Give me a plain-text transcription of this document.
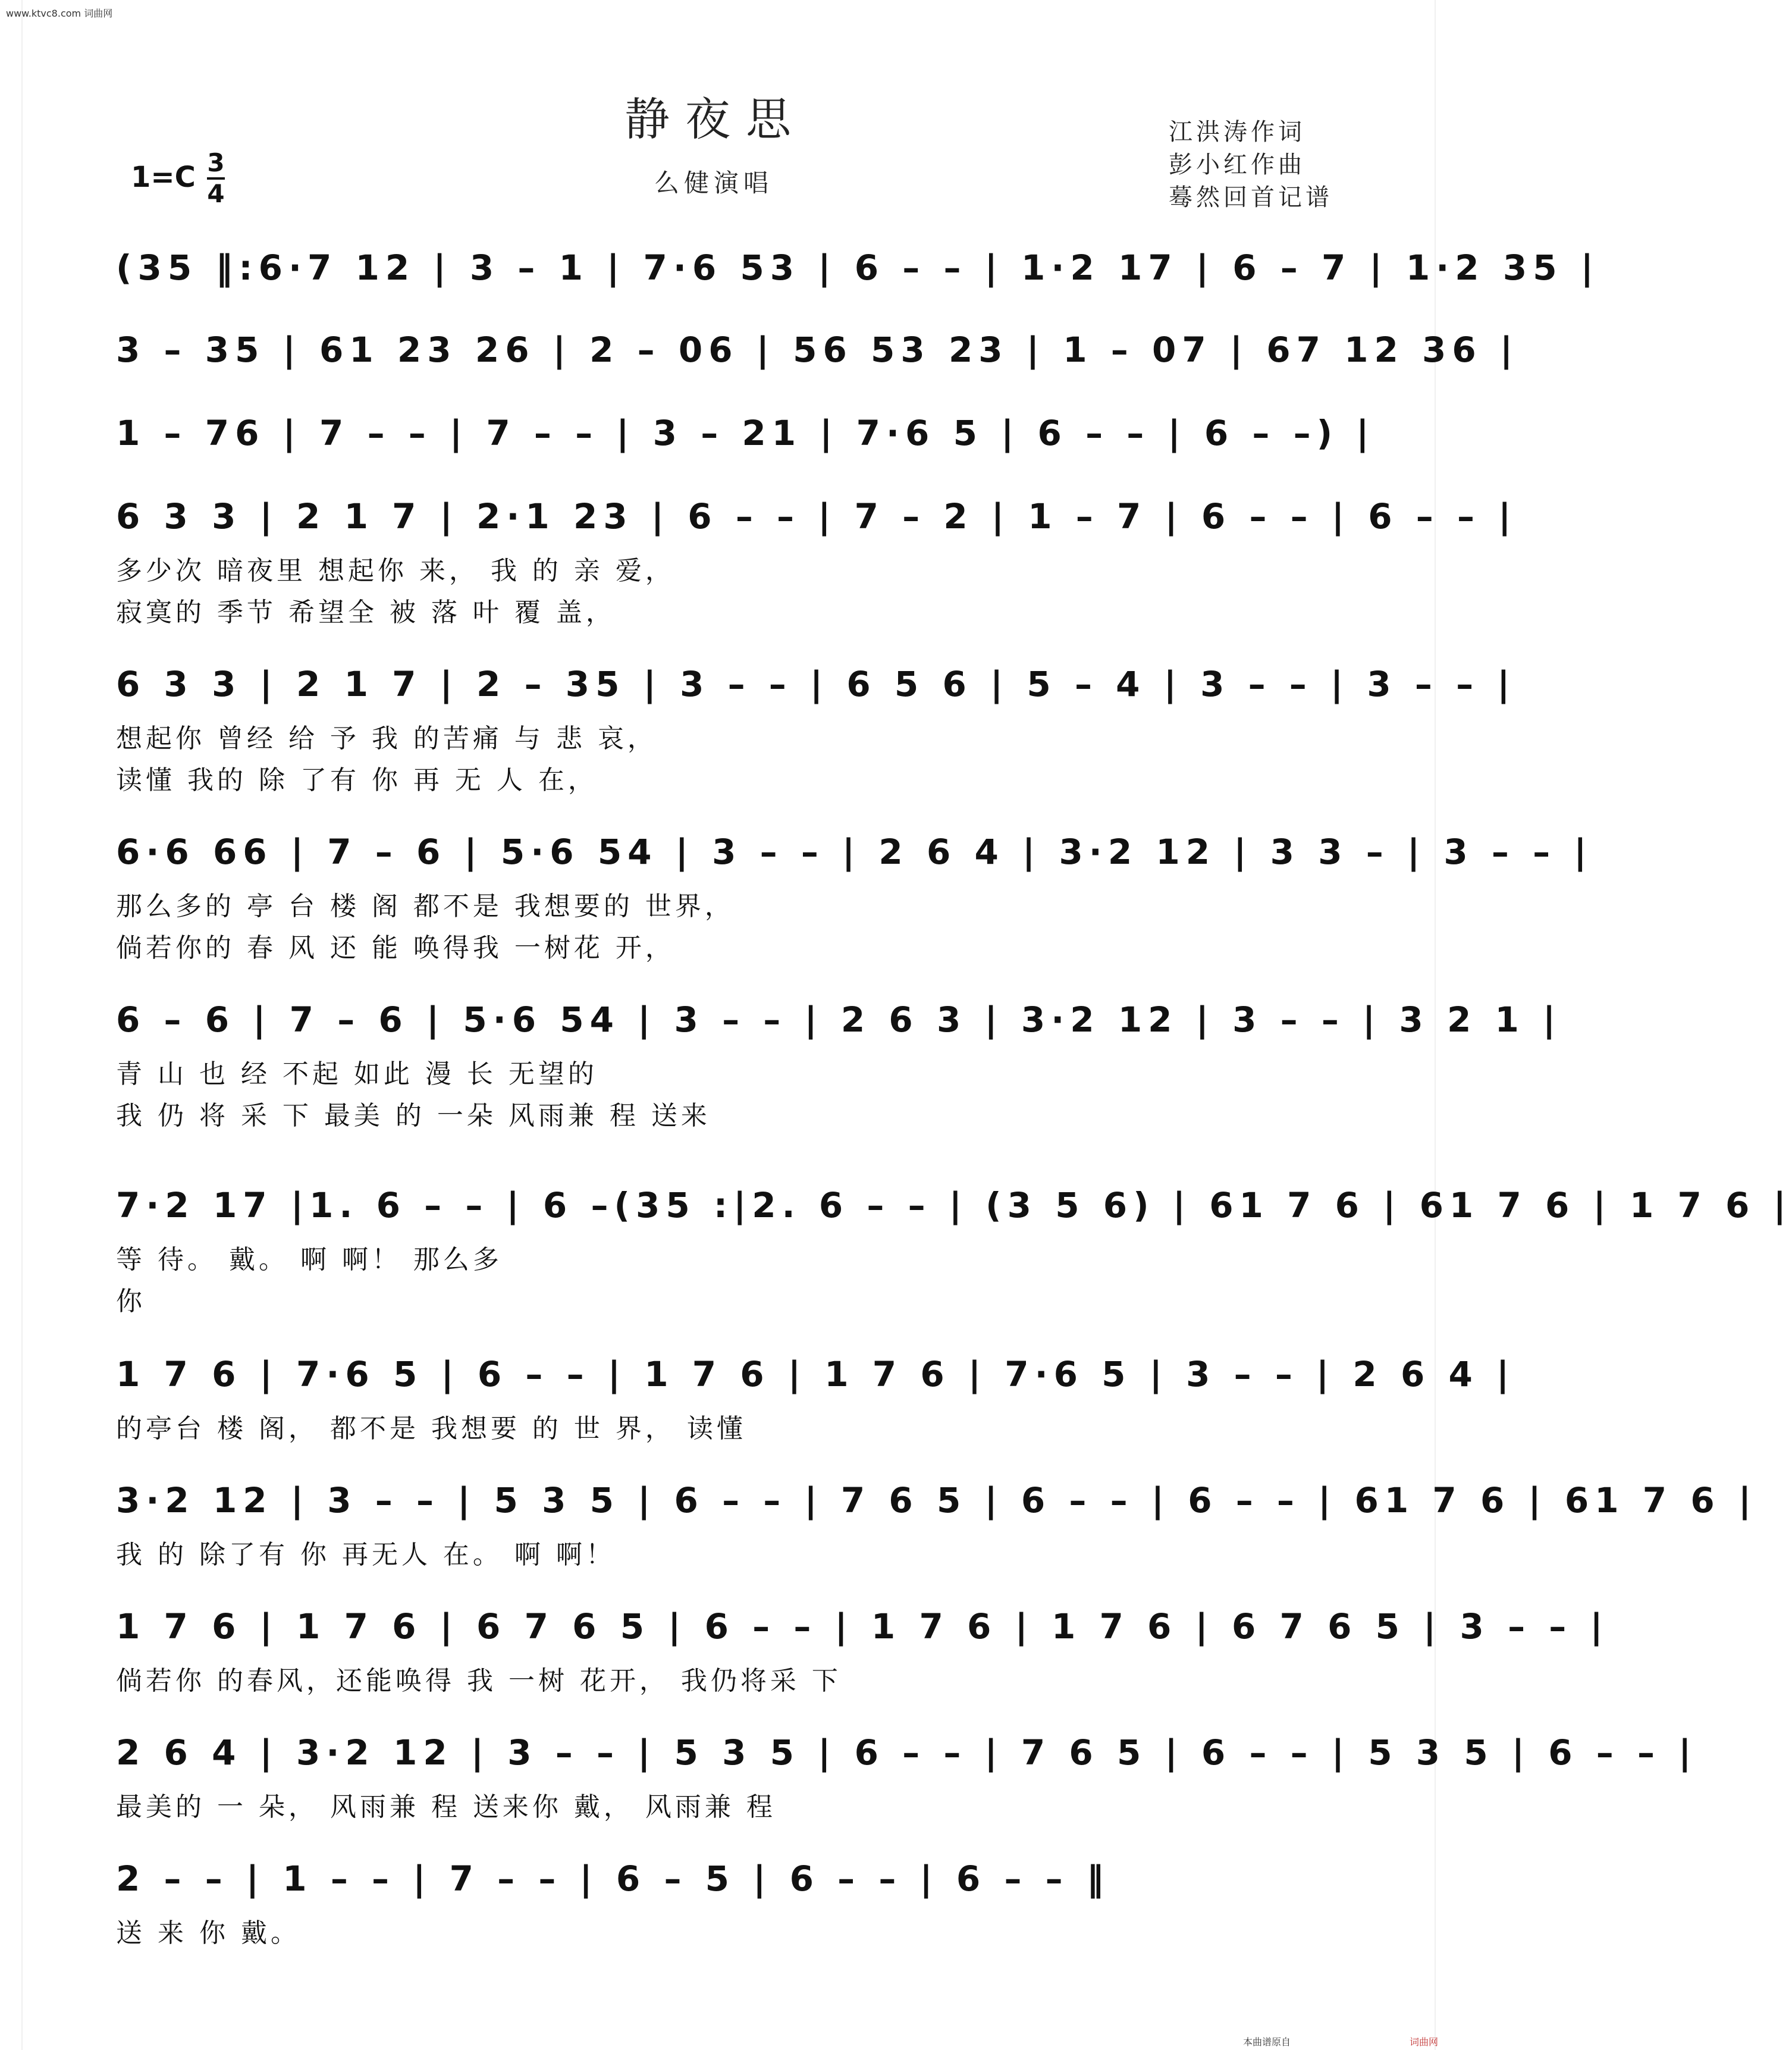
www.ktvc8.com 词曲网
静夜思
么健演唱
江洪涛作词
彭小红作曲
蓦然回首记谱
1=C 3
4
(35 ‖:6·7 12 | 3 – 1 | 7·6 53 | 6 – – | 1·2 17 | 6 – 7 | 1·2 35 |
3 – 35 | 61 23 26 | 2 – 06 | 56 53 23 | 1 – 07 | 67 12 36 |
1 – 76 | 7 – – | 7 – – | 3 – 21 | 7·6 5 | 6 – – | 6 – –) |
6 3 3 | 2 1 7 | 2·1 23 | 6 – – | 7 – 2 | 1 – 7 | 6 – – | 6 – – |
多少次 暗夜里 想起你 来， 我 的 亲 爱，
寂寞的 季节 希望全 被 落 叶 覆 盖，
6 3 3 | 2 1 7 | 2 – 35 | 3 – – | 6 5 6 | 5 – 4 | 3 – – | 3 – – |
想起你 曾经 给 予 我 的苦痛 与 悲 哀，
读懂 我的 除 了有 你 再 无 人 在，
6·6 66 | 7 – 6 | 5·6 54 | 3 – – | 2 6 4 | 3·2 12 | 3 3 – | 3 – – |
那么多的 亭 台 楼 阁 都不是 我想要的 世界，
倘若你的 春 风 还 能 唤得我 一树花 开，
6 – 6 | 7 – 6 | 5·6 54 | 3 – – | 2 6 3 | 3·2 12 | 3 – – | 3 2 1 |
青 山 也 经 不起 如此 漫 长 无望的
我 仍 将 采 下 最美 的 一朵 风雨兼 程 送来
7·2 17 |1. 6 – – | 6 –(35 :|2. 6 – – | (3 5 6) | 61 7 6 | 61 7 6 | 1 7 6 |
等 待。 戴。 啊 啊！ 那么多
你
1 7 6 | 7·6 5 | 6 – – | 1 7 6 | 1 7 6 | 7·6 5 | 3 – – | 2 6 4 |
的亭台 楼 阁， 都不是 我想要 的 世 界， 读懂
3·2 12 | 3 – – | 5 3 5 | 6 – – | 7 6 5 | 6 – – | 6 – – | 61 7 6 | 61 7 6 |
我 的 除了有 你 再无人 在。 啊 啊！
1 7 6 | 1 7 6 | 6 7 6 5 | 6 – – | 1 7 6 | 1 7 6 | 6 7 6 5 | 3 – – |
倘若你 的春风，还能唤得 我 一树 花开， 我仍将采 下
2 6 4 | 3·2 12 | 3 – – | 5 3 5 | 6 – – | 7 6 5 | 6 – – | 5 3 5 | 6 – – |
最美的 一 朵， 风雨兼 程 送来你 戴， 风雨兼 程
2 – – | 1 – – | 7 – – | 6 – 5 | 6 – – | 6 – – ‖
送 来 你 戴。
本曲谱原自	词曲网
